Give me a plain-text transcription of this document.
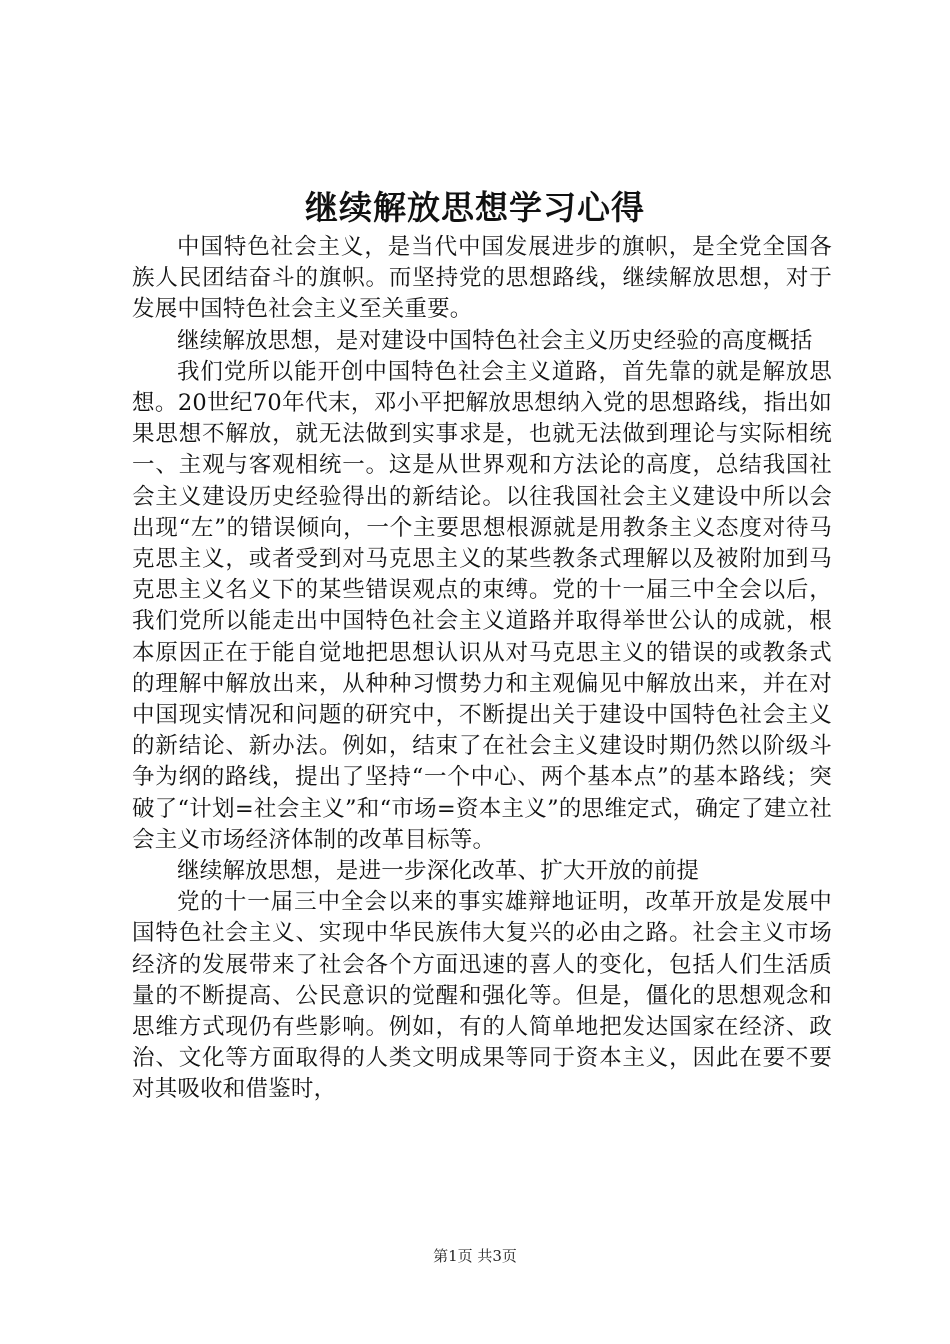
继续解放思想学习心得

中国特色社会主义，是当代中国发展进步的旗帜，是全党全国各族人民团结奋斗的旗帜。而坚持党的思想路线，继续解放思想，对于发展中国特色社会主义至关重要。

继续解放思想，是对建设中国特色社会主义历史经验的高度概括

我们党所以能开创中国特色社会主义道路，首先靠的就是解放思想。20世纪70年代末，邓小平把解放思想纳入党的思想路线，指出如果思想不解放，就无法做到实事求是，也就无法做到理论与实际相统一、主观与客观相统一。这是从世界观和方法论的高度，总结我国社会主义建设历史经验得出的新结论。以往我国社会主义建设中所以会出现“左”的错误倾向，一个主要思想根源就是用教条主义态度对待马克思主义，或者受到对马克思主义的某些教条式理解以及被附加到马克思主义名义下的某些错误观点的束缚。党的十一届三中全会以后，我们党所以能走出中国特色社会主义道路并取得举世公认的成就，根本原因正在于能自觉地把思想认识从对马克思主义的错误的或教条式的理解中解放出来，从种种习惯势力和主观偏见中解放出来，并在对中国现实情况和问题的研究中，不断提出关于建设中国特色社会主义的新结论、新办法。例如，结束了在社会主义建设时期仍然以阶级斗争为纲的路线，提出了坚持“一个中心、两个基本点”的基本路线；突破了“计划=社会主义”和“市场=资本主义”的思维定式，确定了建立社会主义市场经济体制的改革目标等。

继续解放思想，是进一步深化改革、扩大开放的前提

党的十一届三中全会以来的事实雄辩地证明，改革开放是发展中国特色社会主义、实现中华民族伟大复兴的必由之路。社会主义市场经济的发展带来了社会各个方面迅速的喜人的变化，包括人们生活质量的不断提高、公民意识的觉醒和强化等。但是，僵化的思想观念和思维方式现仍有些影响。例如，有的人简单地把发达国家在经济、政治、文化等方面取得的人类文明成果等同于资本主义，因此在要不要对其吸收和借鉴时，

第1页 共3页
